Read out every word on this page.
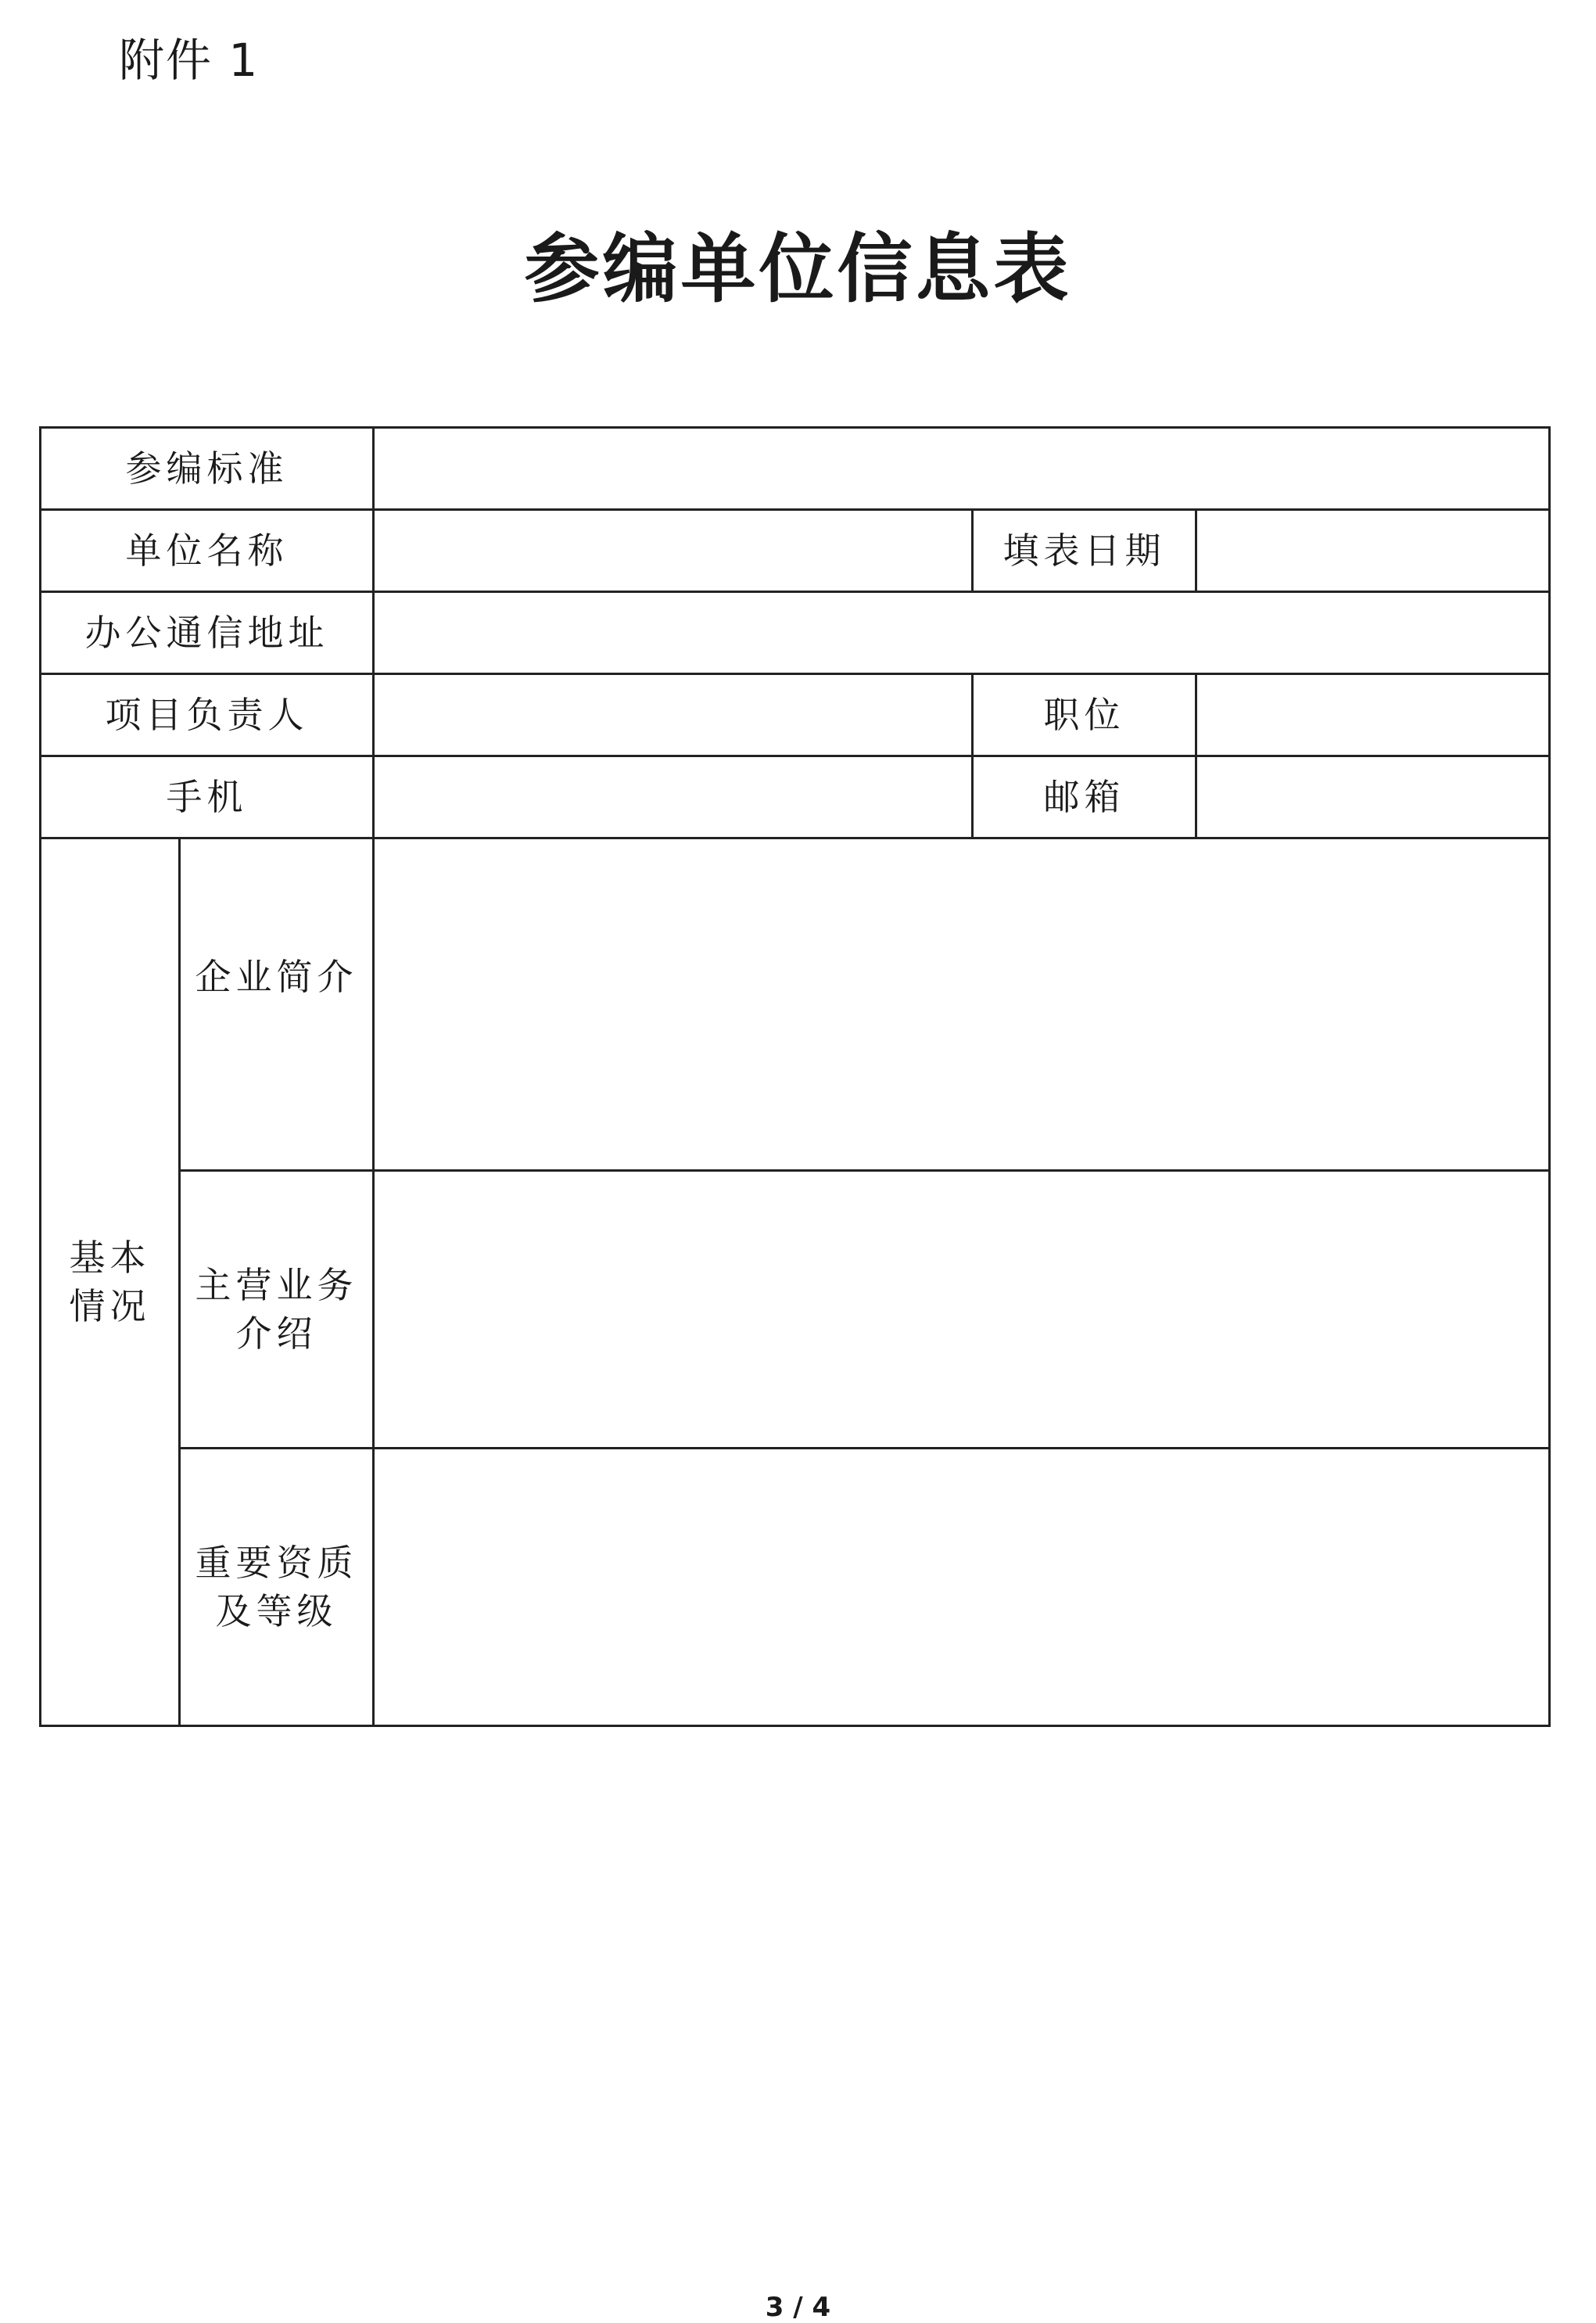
附件 1
参编单位信息表
参编标准				
单位名称			填表日期	
办公通信地址				
项目负责人			职位	
手机			邮箱	

基本
情况	企业简介			

	主营业务
介绍			

	重要资质
及等级			

3 / 4
